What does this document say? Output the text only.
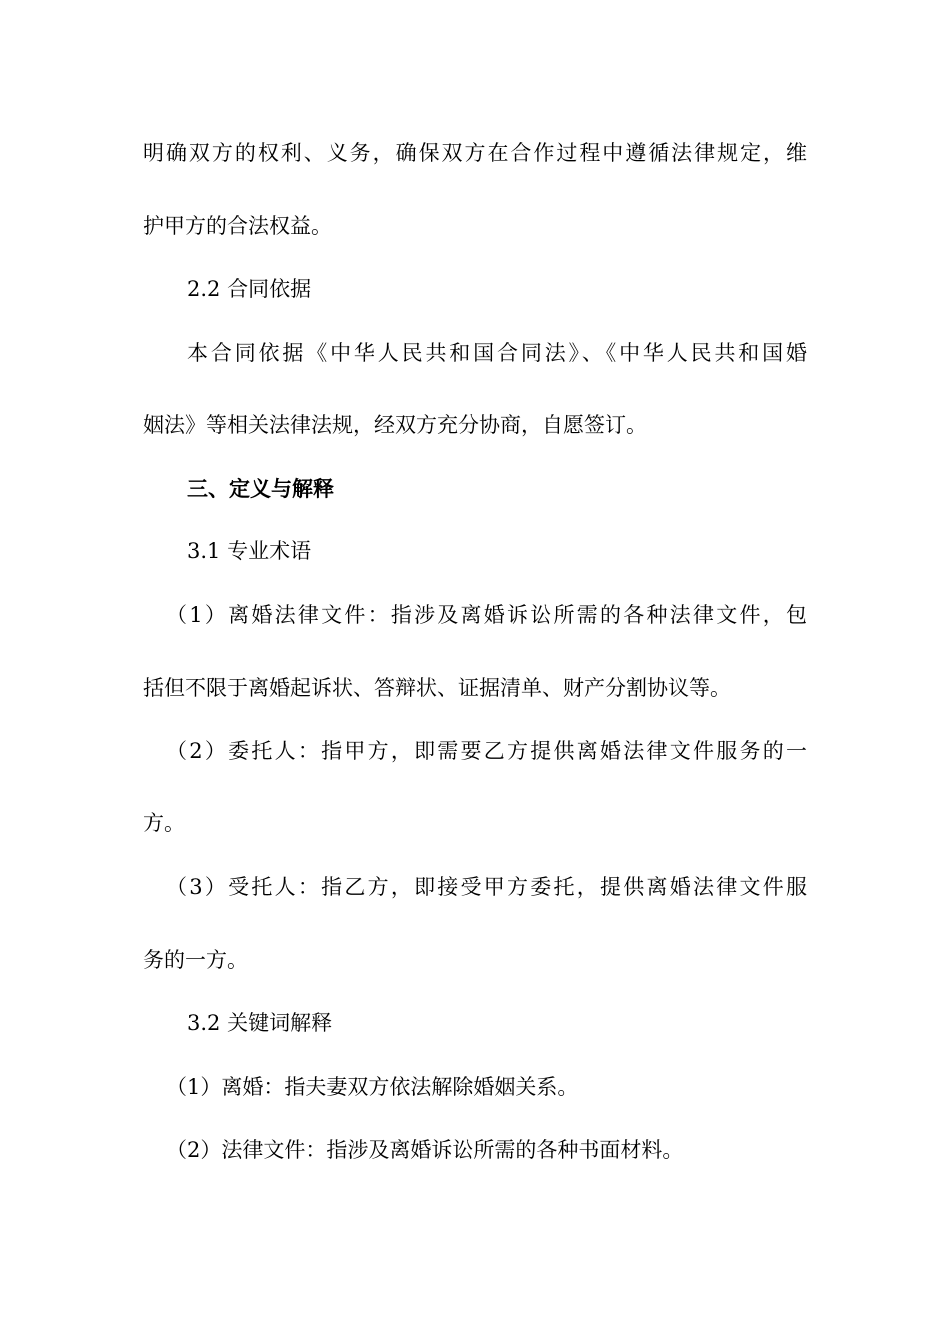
明确双方的权利、义务，确保双方在合作过程中遵循法律规定，维

护甲方的合法权益。

2.2 合同依据

本合同依据《中华人民共和国合同法》、《中华人民共和国婚

姻法》等相关法律法规，经双方充分协商，自愿签订。

三、定义与解释

3.1 专业术语

（1）离婚法律文件：指涉及离婚诉讼所需的各种法律文件，包

括但不限于离婚起诉状、答辩状、证据清单、财产分割协议等。

（2）委托人：指甲方，即需要乙方提供离婚法律文件服务的一

方。

（3）受托人：指乙方，即接受甲方委托，提供离婚法律文件服

务的一方。

3.2 关键词解释

（1）离婚：指夫妻双方依法解除婚姻关系。

（2）法律文件：指涉及离婚诉讼所需的各种书面材料。
